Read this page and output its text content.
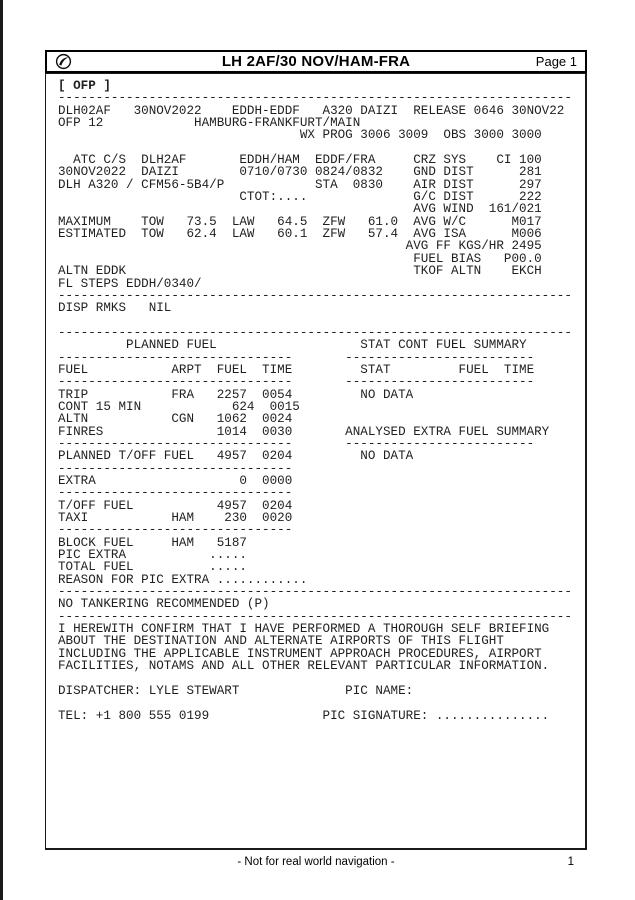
LH 2AF/30 NOV/HAM-FRA	Page 1
[ OFP ]
--------------------------------------------------------------------
DLH02AF   30NOV2022    EDDH-EDDF   A320 DAIZI  RELEASE 0646 30NOV22
OFP 12            HAMBURG-FRANKFURT/MAIN
WX PROG 3006 3009  OBS 3000 3000

ATC C/S  DLH2AF       EDDH/HAM  EDDF/FRA     CRZ SYS    CI 100
30NOV2022  DAIZI        0710/0730 0824/0832    GND DIST      281
DLH A320 / CFM56-5B4/P            STA  0830    AIR DIST      297
CTOT:....              G/C DIST      222
AVG WIND  161/021
MAXIMUM    TOW   73.5  LAW   64.5  ZFW   61.0  AVG W/C      M017
ESTIMATED  TOW   62.4  LAW   60.1  ZFW   57.4  AVG ISA      M006
AVG FF KGS/HR 2495
FUEL BIAS   P00.0
ALTN EDDK                                      TKOF ALTN    EKCH
FL STEPS EDDH/0340/
--------------------------------------------------------------------
DISP RMKS   NIL

--------------------------------------------------------------------
PLANNED FUEL                   STAT CONT FUEL SUMMARY
-------------------------------       -------------------------
FUEL           ARPT  FUEL  TIME         STAT         FUEL  TIME
-------------------------------       -------------------------
TRIP           FRA   2257  0054         NO DATA
CONT 15 MIN            624  0015
ALTN           CGN   1062  0024
FINRES               1014  0030       ANALYSED EXTRA FUEL SUMMARY
-------------------------------       -------------------------
PLANNED T/OFF FUEL   4957  0204         NO DATA
-------------------------------
EXTRA                   0  0000
-------------------------------
T/OFF FUEL           4957  0204
TAXI           HAM    230  0020
-------------------------------
BLOCK FUEL     HAM   5187
PIC EXTRA           .....
TOTAL FUEL          .....
REASON FOR PIC EXTRA ............
--------------------------------------------------------------------
NO TANKERING RECOMMENDED (P)
--------------------------------------------------------------------
I HEREWITH CONFIRM THAT I HAVE PERFORMED A THOROUGH SELF BRIEFING
ABOUT THE DESTINATION AND ALTERNATE AIRPORTS OF THIS FLIGHT
INCLUDING THE APPLICABLE INSTRUMENT APPROACH PROCEDURES, AIRPORT
FACILITIES, NOTAMS AND ALL OTHER RELEVANT PARTICULAR INFORMATION.

DISPATCHER: LYLE STEWART              PIC NAME:

TEL: +1 800 555 0199               PIC SIGNATURE: ...............
- Not for real world navigation -	1
